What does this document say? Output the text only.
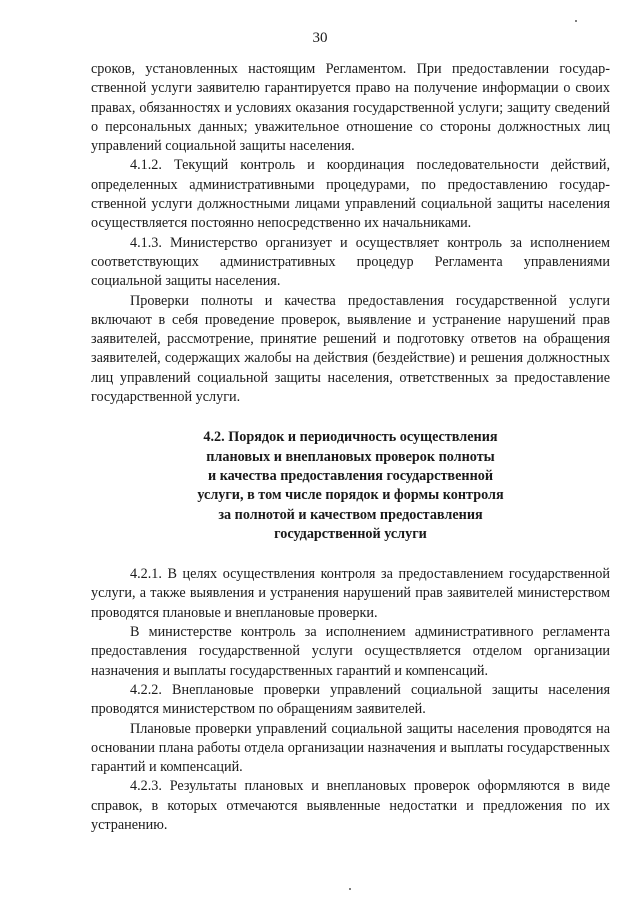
30

сроков, установленных настоящим Регламентом. При предоставлении государственной услуги заявителю гарантируется право на получение информации о своих правах, обязанностях и условиях оказания государственной услуги; защиту сведений о персональных данных; уважительное отношение со стороны должностных лиц управлений социальной защиты населения.

4.1.2. Текущий контроль и координация последовательности действий, определенных административными процедурами, по предоставлению государственной услуги должностными лицами управлений социальной защиты населения осуществляется постоянно непосредственно их начальниками.

4.1.3. Министерство организует и осуществляет контроль за исполнением соответствующих административных процедур Регламента управлениями социальной защиты населения.

Проверки полноты и качества предоставления государственной услуги включают в себя проведение проверок, выявление и устранение нарушений прав заявителей, рассмотрение, принятие решений и подготовку ответов на обращения заявителей, содержащих жалобы на действия (бездействие) и решения должностных лиц управлений социальной защиты населения, ответственных за предоставление государственной услуги.

4.2. Порядок и периодичность осуществления
плановых и внеплановых проверок полноты
и качества предоставления государственной
услуги, в том числе порядок и формы контроля
за полнотой и качеством предоставления
государственной услуги

4.2.1. В целях осуществления контроля за предоставлением государственной услуги, а также выявления и устранения нарушений прав заявителей министерством проводятся плановые и внеплановые проверки.

В министерстве контроль за исполнением административного регламента предоставления государственной услуги осуществляется отделом организации назначения и выплаты государственных гарантий и компенсаций.

4.2.2. Внеплановые проверки управлений социальной защиты населения проводятся министерством по обращениям заявителей.

Плановые проверки управлений социальной защиты населения проводятся на основании плана работы отдела организации назначения и выплаты государственных гарантий и компенсаций.

4.2.3. Результаты плановых и внеплановых проверок оформляются в виде справок, в которых отмечаются выявленные недостатки и предложения по их устранению.
